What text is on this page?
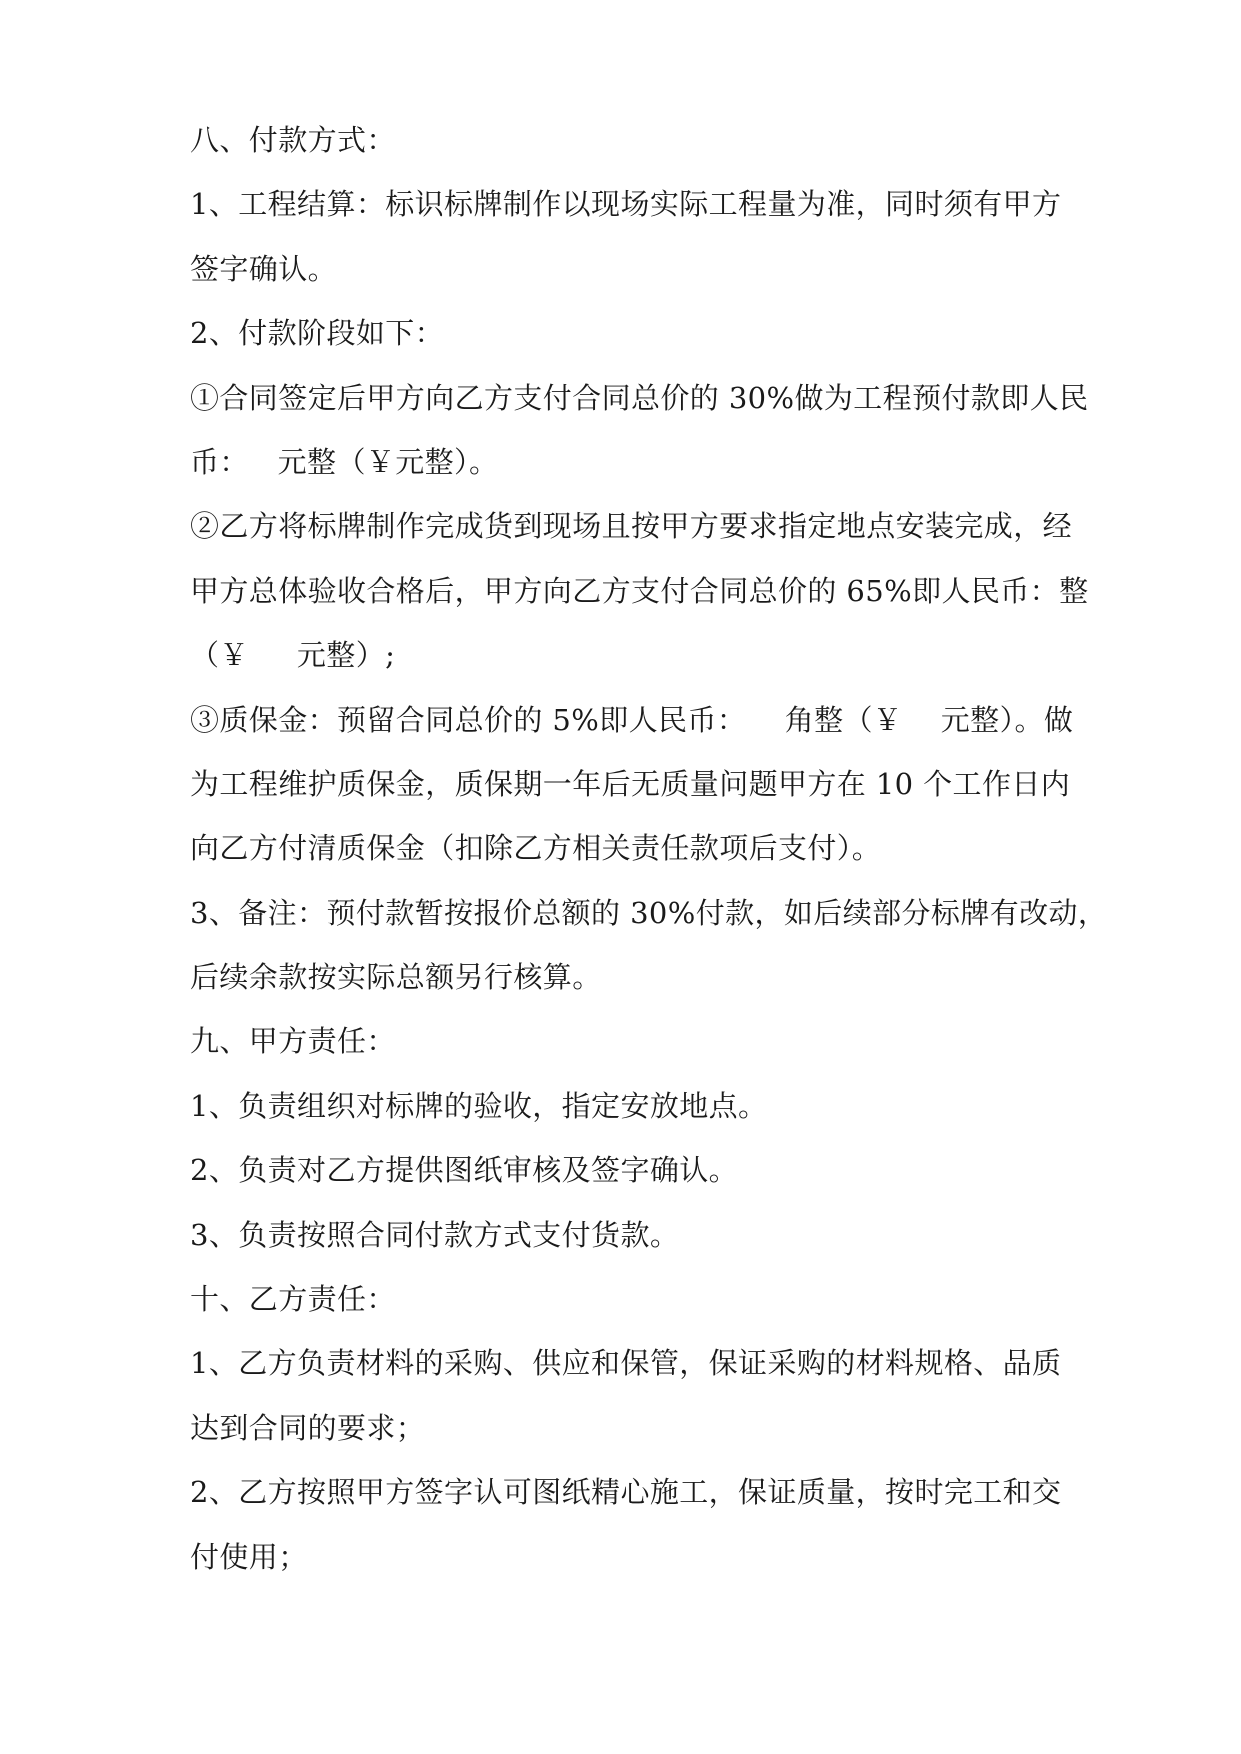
八、付款方式：
1、工程结算：标识标牌制作以现场实际工程量为准，同时须有甲方
签字确认。
2、付款阶段如下：
①合同签定后甲方向乙方支付合同总价的 30%做为工程预付款即人民
币：   元整（￥元整）。
②乙方将标牌制作完成货到现场且按甲方要求指定地点安装完成，经
甲方总体验收合格后，甲方向乙方支付合同总价的 65%即人民币：整
（￥     元整）;
③质保金：预留合同总价的 5%即人民币：    角整（￥    元整）。做
为工程维护质保金，质保期一年后无质量问题甲方在 10 个工作日内
向乙方付清质保金（扣除乙方相关责任款项后支付）。
3、备注：预付款暂按报价总额的 30%付款，如后续部分标牌有改动，
后续余款按实际总额另行核算。
九、甲方责任：
1、负责组织对标牌的验收，指定安放地点。
2、负责对乙方提供图纸审核及签字确认。
3、负责按照合同付款方式支付货款。
十、乙方责任：
1、乙方负责材料的采购、供应和保管，保证采购的材料规格、品质
达到合同的要求；
2、乙方按照甲方签字认可图纸精心施工，保证质量，按时完工和交
付使用；
